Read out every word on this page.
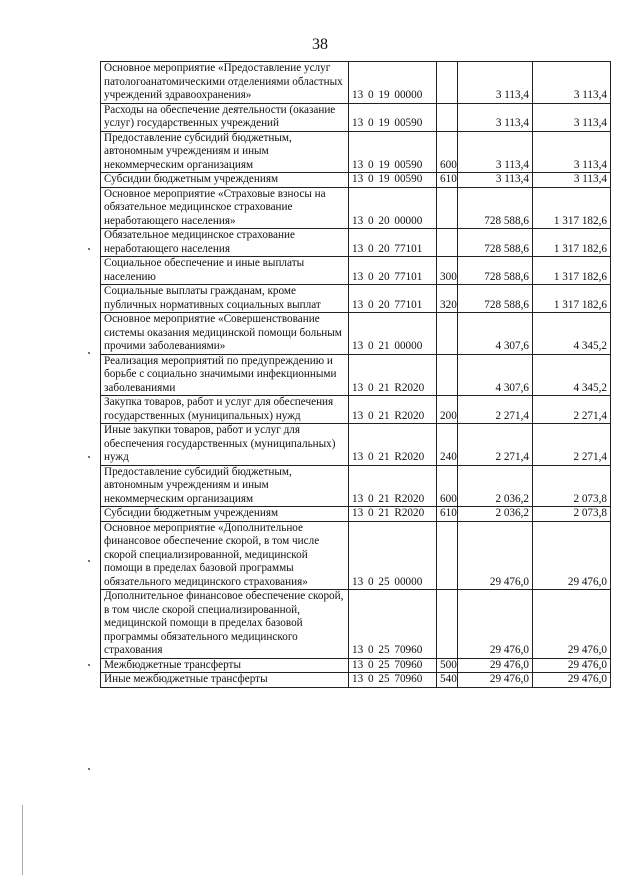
38
Основное мероприятие «Предоставление услуг патологоанатомическими отделениями областных учреждений здравоохранения»	13 0 19 00000		3 113,4	3 113,4
Расходы на обеспечение деятельности (оказание услуг) государственных учреждений	13 0 19 00590		3 113,4	3 113,4
Предоставление субсидий бюджетным, автономным учреждениям и иным некоммерческим организациям	13 0 19 00590	600	3 113,4	3 113,4
Субсидии бюджетным учреждениям	13 0 19 00590	610	3 113,4	3 113,4
Основное мероприятие «Страховые взносы на обязательное медицинское страхование неработающего населения»	13 0 20 00000		728 588,6	1 317 182,6
Обязательное медицинское страхование неработающего населения	13 0 20 77101		728 588,6	1 317 182,6
Социальное обеспечение и иные выплаты населению	13 0 20 77101	300	728 588,6	1 317 182,6
Социальные выплаты гражданам, кроме публичных нормативных социальных выплат	13 0 20 77101	320	728 588,6	1 317 182,6
Основное мероприятие «Совершенствование системы оказания медицинской помощи больным прочими заболеваниями»	13 0 21 00000		4 307,6	4 345,2
Реализация мероприятий по предупреждению и борьбе с социально значимыми инфекционными заболеваниями	13 0 21 R2020		4 307,6	4 345,2
Закупка товаров, работ и услуг для обеспечения государственных (муниципальных) нужд	13 0 21 R2020	200	2 271,4	2 271,4
Иные закупки товаров, работ и услуг для обеспечения государственных (муниципальных) нужд	13 0 21 R2020	240	2 271,4	2 271,4
Предоставление субсидий бюджетным, автономным учреждениям и иным некоммерческим организациям	13 0 21 R2020	600	2 036,2	2 073,8
Субсидии бюджетным учреждениям	13 0 21 R2020	610	2 036,2	2 073,8
Основное мероприятие «Дополнительное финансовое обеспечение скорой, в том числе скорой специализированной, медицинской помощи в пределах базовой программы обязательного медицинского страхования»	13 0 25 00000		29 476,0	29 476,0
Дополнительное финансовое обеспечение скорой, в том числе скорой специализированной, медицинской помощи в пределах базовой программы обязательного медицинского страхования	13 0 25 70960		29 476,0	29 476,0
Межбюджетные трансферты	13 0 25 70960	500	29 476,0	29 476,0
Иные межбюджетные трансферты	13 0 25 70960	540	29 476,0	29 476,0
